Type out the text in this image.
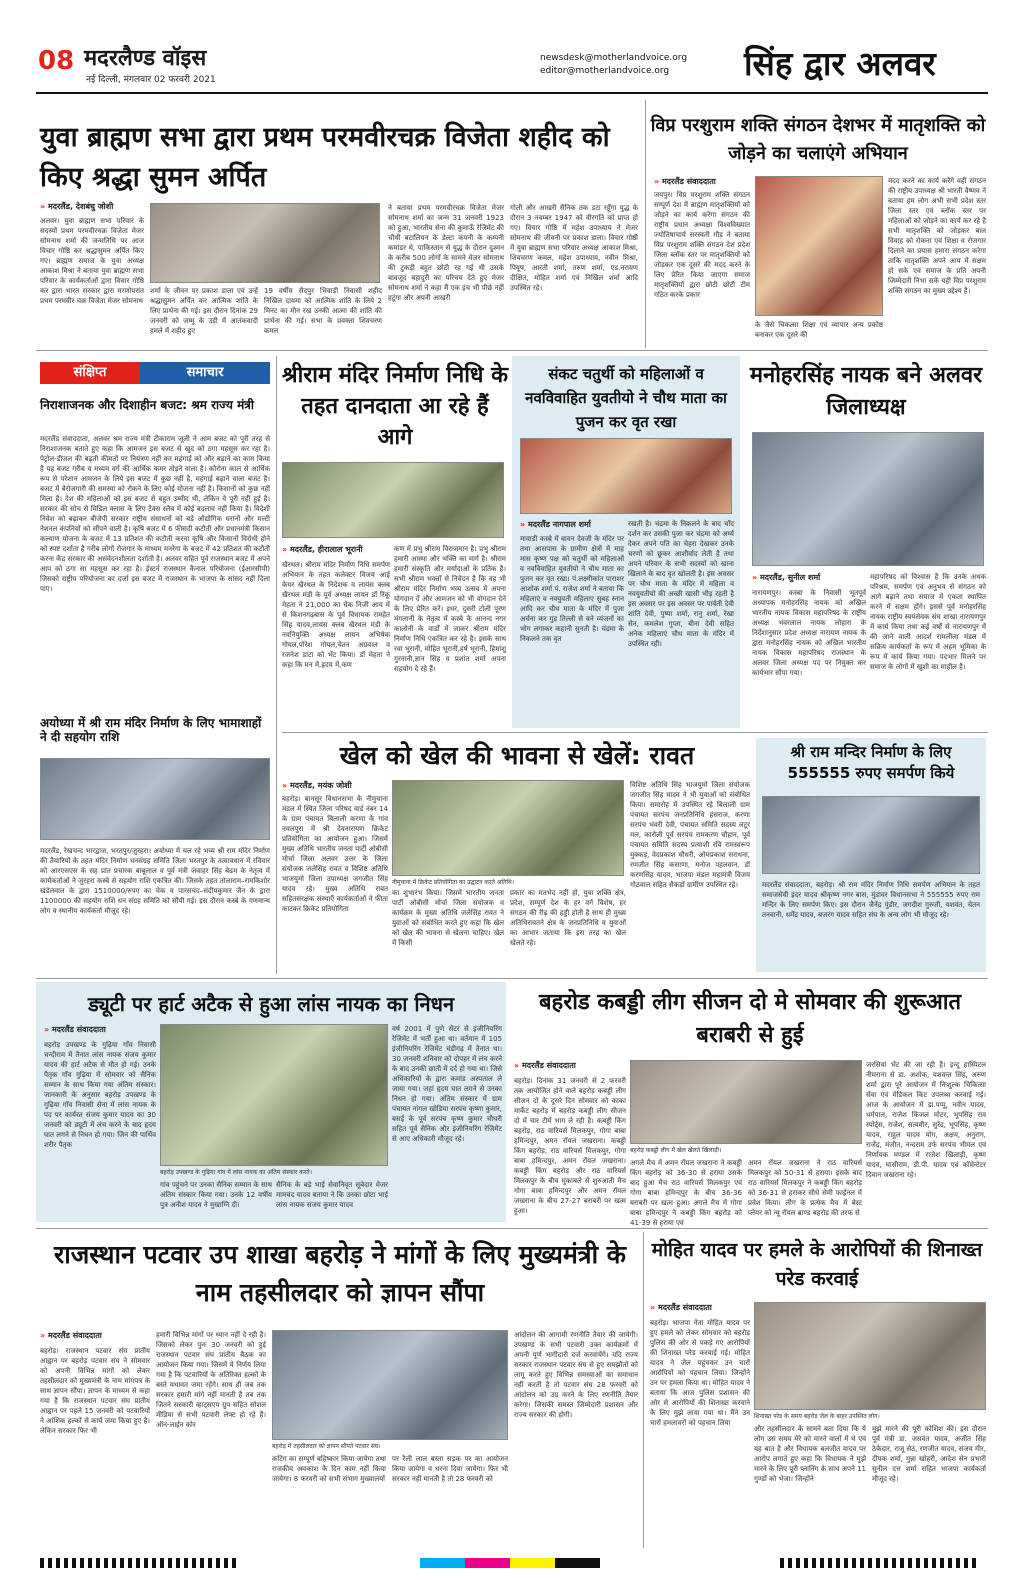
08 मदरलैण्ड वॉइस
नई दिल्ली, मंगलवार 02 फरवरी 2021
newsdesk@motherlandvoice.org
editor@motherlandvoice.org	सिंह द्वार अलवर
युवा ब्राह्मण सभा द्वारा प्रथम परमवीरचक्र विजेता शहीद को किए श्रद्धा सुमन अर्पित
» मदरलैंड, देशबंधु जोशी
अलवर। युवा ब्राह्मण सभा परिवार के सदस्यों प्रथम परमवीरचक्र विजेता मेजर सोमनाथ शर्मा की जन्मतिथि पर आज विचार गोष्ठि कर श्रद्धासुमन अर्पित किए गए। ब्राह्मण समाज के युवा अध्यक्ष आकाश मिश्रा ने बताया युवा ब्राह्मण सभा परिवार के कार्यकर्ताओं द्वारा विचार गोष्ठि कर द्वारा भारत सरकार द्वारा मरणोपरांत प्रथम परमवीर चक्र विजेता मेजर सोमनाथ
शर्मा के जीवन पर प्रकाश डाला एवं उन्हें श्रद्धासुमन अर्पित कर आत्मिक शांति के लिए प्रार्थना की गई। इस दौरान दिनांक 29 जनवरी को जम्मू के उड़ी में आतंकवादी हमले में शहीद हुए
19 वर्षीय सैदपुर भिवाड़ी निवासी शहीद निखिल दायमा को आत्मिक शांति के लिये 2 मिनट का मौन रख उनकी आत्मा की शांति की प्रार्थना की गई। सभा के प्रवक्ता शिवचरण कमल
ने बताया प्रथम परमवीरचक्र विजेता मेजर सोमनाथ शर्मा का जन्म 31 जनवरी 1923 को हुआ, भारतीय सेना की कुमाऊँ रेजिमेंट की चौथी बटालियन के डेल्टा कंपनी के कम्पनी कमांडर थे, पाकिस्तान से युद्ध के दौरान दुश्मन के करीब 500 लोगों के सामने मेजर सोमनाथ की टुकड़ी बहुत छोटी रह गई थी उसके बावजूद बहादुरी का परिचय देते हुए मेजर सोमनाथ शर्मा ने कहा मैं एक इंच भी पीछे नहीं हटूंगा और अपनी आखरी
गोली और आखरी सैनिक तक डटा रहूँगा युद्ध के दौरान 3 नवम्बर 1947 को वीरगति को प्राप्त हो गए। विचार गोष्ठि में महेश उपाध्याय ने मेजर सोमनाथ की जीवनी पर प्रकाश डाला। विचार गोष्ठी में युवा ब्राह्मण सभा परिवार अध्यक्ष आकाश मिश्रा, शिवचरण कमल, महेश उपाध्याय, नवीन मिश्रा, पियूष, आरती शर्मा, तरुण शर्मा, एड.नरायण दीक्षित, मोहित शर्मा एवं निखिल शर्मा आदि उपस्थित रहे।
विप्र परशुराम शक्ति संगठन देशभर में मातृशक्ति को जोड़ने का चलाएंगे अभियान
» मदरलैंड संवाददाता
जयपुर। विप्र परशुराम शक्ति संगठन सम्पूर्ण देश में ब्राह्मण मातृशक्तियों को जोड़ने का कार्य करेगा संगठन की राष्ट्रीय प्रधान अध्यक्षा विश्वविख्यात ज्योतिषाचार्य सरस्वती गौड़ ने बताया विप्र परशुराम शक्ति संगठन देश प्रदेश जिला ब्लॉक स्तर पर मातृशक्तियों को जोड़कर एक दूसरे की मदद करने के लिए प्रेरित किया जाएगा समाज मातृशक्तियों द्वारा छोटी छोटी टीम गठित करके प्रकार
के जैसे चिकत्सा शिक्षा एवं व्यापार अन्य प्रकोष्ठ बनाकर एक दूसरे की
मदद करने का कार्य करेंगे वहीं संगठन की राष्ट्रीय उपाध्यक्ष श्री भारती वैष्णव ने बताया हम लोग अभी सभी प्रदेश स्तर जिला स्तर एवं ब्लॉक स्तर पर महिलाओं को जोड़ने का कार्य कर रहे है सभी मातृशक्ति को जोड़कर बाल विवाह को रोकना एवं शिक्षा व रोजगार दिलाने का प्रयास हमारा संगठन करेगा ताकि मातृशक्ति अपने आप में सक्षम हो सके एवं समाज के प्रति अपनी जिम्मेदारी निभा सकें यही विप्र परशुराम शक्ति संगठन का मुख्य उद्देश्य है।
संक्षिप्त	समाचार
निराशाजनक और दिशाहीन बजट: श्रम राज्य मंत्री
मदरलैंड संवाददाता, अलवर श्रम राज्य मंत्री टीकाराम जूली ने आम बजट को पूरी तरह से निराशाजनक बताते हुए कहा कि आमजन इस बजट से खुद को ठगा महसूस कर रहा है। पेट्रोल-डीजल की बढ़ती कीमतों पर नियंत्रण नहीं कर महंगाई को और बढ़ाने का काम किया है यह बजट गरीब व मध्यम वर्ग की आर्थिक कमर तोड़ने वाला है। कोरोना काल से आर्थिक रूप से परेशान आमजन के लिये इस बजट में कुछ नहीं है, महंगाई बढ़ाने वाला बजट है। बजट में बेरोजगारी की समस्या को रोकने के लिए कोई योजना नहीं है। किसानों को कुछ नहीं मिला है। देश की महिलाओं को इस बजट से बहुत उम्मीद थी, लेकिन वे पूरी नहीं हुई है। सरकार की सोच से मिडिल क्लास के लिए टैक्स स्लैब में कोई बदलाव नहीं किया है। विदेशी निवेश को बढ़ाकर बीजेपी सरकार राष्ट्रीय संसाधनों को बड़े औद्योगिक घरानों और मल्टी नेशनल कंपनियों को सौंपने वाली है। कृषि बजट में 6 फीसदी कटौती और प्रधानमंत्री किसान कल्याण योजना के बजट में 13 प्रतिशत की कटौती करना कृषि और किसानों विरोधी होने को स्पष्ट दर्शाता है गरीब लोगों रोजगार के माध्यम मनरेगा के बजट में 42 प्रतिशत की कटौती करना केंद्र सरकार की असंवेदनशीलता दर्शाती है। अलवर सहित पूर्व राजस्थान बजट में अपने आप को ठगा सा महसूस कर रहा है। ईस्टर्न राजस्थान कैनाल परियोजना (ईआरसीपी) जिसको राष्ट्रीय परियोजना का दर्जा इस बजट में राजस्थान के भाजपा के सांसद नहीं दिला पाए।
अयोध्या में श्री राम मंदिर निर्माण के लिए भामाशाहों ने दी सहयोग राशि
मदरलैंड, रेखचन्द भारद्वाज, भरतपुर/जुरहरा। अयोध्या में चल रहे भव्य श्री राम मंदिर निर्माण की तैयारियों के तहत मंदिर निर्माण धनसंग्रह समिति जिला भरतपुर के तत्वावधान में रविवार को आरएसएस के सह प्रांत प्रचारक बाबूलाल व पूर्व मंत्री जवाहर सिंह बेढम के नेतृत्व में कार्यकर्ताओं ने जुरहरा कस्बे से सहयोग राशि एकत्रित की। जिसके तहत तोलाराम–रामकिशोर खंडेलवाल के द्वारा 1510000/रुपए का चेक व पारसचंद–संदीपकुमार जैन के द्वारा 1100000 की सहयोग राशि धन संग्रह समिति को सौंपी गई। इस दौरान कस्बे के गणमान्य लोग व स्थानीय कार्यकर्ता मौजूद रहे।
श्रीराम मंदिर निर्माण निधि के तहत दानदाता आ रहे हैं आगे
» मदरलैंड, हीरालाल भूरानी
खैरथल। श्रीराम मंदिर निर्माण निधि समर्पण अभियान के तहत कलेक्टर विजय आई केयर खैरथल के निदेशक व लायंस क्लब खैरथल मंडी के पूर्व अध्यक्ष लायन डॉ रिंकू मेहता ने 21,000 का चेक निजी आय में से किशनगढ़बास के पूर्व विधायक रामहेत सिंह यादव,लायंस क्लब खैरथल मंडी के नवनियुक्ति अध्यक्ष लायन अभिषेक गोयल,पोरेश गोयल,चेतन अग्रवाल व रजनेश डाटा को भेंट किया। डॉ मेहता ने कहा कि मन में,ह्रदय में,कण
कण में प्रभु श्रीराम विराजमान है। प्रभु श्रीराम हमारी आस्था और भक्ति का मार्ग है। श्रीराम हमारी संस्कृति और मर्यादाओं के प्रतिक है। सभी श्रीराम भक्तों से निवेदन है कि वह भी श्रीराम मंदिर निर्माण भव्य उत्सव में अपना योगदान दें और आमजन को भी योगदान देने के लिए प्रेरित करें। इधर, दुसरी टोली पूरण मंगलानी के नेतृत्व में कस्बे के आनन्द नगर कालोनी के वार्डों में जाकर श्रीराम मंदिर निर्माण निधि एकत्रित कर रहे है। इसके साथ रवा भूरानी, मोहित भूरानी,हर्ष भूरानी, हिमांशु गुरनानी,ज्ञान सिंह व प्रशांत शर्मा अपना सहयोग दे रहे हैं।
संकट चतुर्थी को महिलाओं व नवविवाहित युवतीयो ने चौथ माता का पुजन कर वृत रखा
» मदरलैंड नागपाल शर्मा
मावाडी कस्बे में बावन देवजी के मंदिर पर तथा आसपास के ग्रामीण क्षेत्रों में माह मास कृष्ण पक्ष को चतुर्थी को महिलाओं व नवविवाहित युवतीयो ने चौथ माता का पुजन कर वृत रखा। पं.लक्ष्मीकांत पाराशर आशोक शर्मा पं. राजेश शर्मा ने बताया कि महिलाएं व नवयुवती महिलाए सुबह स्नान आदि कर चौथ माता के मंदिर में पुजा अर्चना कर गुड़ तिल्ली से बने व्यंजनों का भोग लगाकर कहानी सुनती है। चंद्रमा के निकलने तक वृत
रखती है। चंद्रमा के निकलने के बाद चाँद दर्शन कर उसकी पुजा कर चंद्रमा को अर्घ्य देकर अपने पति का चेहरा देखकर उनके चरणों को छूकर आशीर्वाद लेती है तथा अपने परिवार के सभी सदस्यों को खाना खिलाने के बाद वृत खोलती है। इस अवसर पर चौथ माता के मंदिर में महिला व नवयुवतीयो की अच्छी खासी भीड़ रहती है इस अवसर पर इस अवसर पर पार्वती देवी शांति देवी, पुष्पा शर्मा, रानु शर्मा, रेखा सेन, कमलेश गुप्ता, बीना देवी सहित अनेक महिलाएं चौथ माता के मंदिर में उपस्थित रही।
मनोहरसिंह नायक बने अलवर जिलाध्यक्ष
» मदरलैंड, सुनील शर्मा
नारायणपुर। कस्बा के निवासी भूतपूर्व अध्यापक मनोहरसिंह नायक को अखिल भारतीय नायक विकास महापरिषद के राष्ट्रीय अध्यक्ष भंवरलाल नायक लोहारा के निर्देशानुसार प्रदेश अध्यक्ष नारायण नायक के द्वारा मनोहरसिंह नायक को अखिल भारतीय नायक विकास महापरिषद राजस्थान के अलवर जिला अध्यक्ष पद पर नियुक्त कर कार्यभार सौंपा गया।
महापरिषद को विश्वास है कि उनके अथक परिश्रम, समर्पण एवं अनुभव से संगठन को आगे बढ़ाने तथा समाज में एकता स्थापित करने में सक्षम होंगे। इससे पूर्व मनोहरसिंह नायक राष्ट्रीय स्वयंसेवक संघ शाखा नारायणपुर में कार्य किया तथा कई वर्षों से नारायणपुर में की जाने वाली आदर्श रामलीला मंडल में सक्रिय कार्यकर्ता के रूप में अहम भूमिका के रूप में कार्य किया गया। पदभार मिलने पर समाज के लोगों में खुशी का माहौल है।
खेल को खेल की भावना से खेलें: रावत
» मदरलैंड, मयंक जोशी
बहरोड़। बानसूर विधानसभा के नीमुचाना मंडल में स्थित जिला परिषद वार्ड नंबर 14 के ग्राम पंचायत बिलाली करणा के गांव नवलपुरा में श्री देवनारायण क्रिकेट प्रतियोगिता का आयोजन हुआ। जिसमें मुख्य अतिथि भारतीय जनता पार्टी ओबीसी मोर्चा जिला अलवर उत्तर के जिला संयोजक जलेसिंह रावत व विशिष्ट अतिथि भाजयुमो जिला उपाध्यक्ष जगजीत सिंह यादव रहे। मुख्य अतिथि रावत सहितसंरक्षक संस्थाएँ कार्यकर्ताओं ने फीता काटकर क्रिकेट प्रतियोगिता
नीमुचाना में क्रिकेट प्रतियोगिता का उद्घाटन करते अतिथि।
का शुभारंभ किया। जिसमें भारतीय जनता पार्टी ओबीसी मोर्चा जिला संयोजक व कार्यक्रम के मुख्य अतिथि जलेसिंह रावत ने युवाओं को संबोधित करते हुए कहा कि खेल को खेल की भावना से खेलना चाहिए। खेल में किसी
प्रकार का मतभेद नहीं हो, युवा शक्ति क्षेत्र, प्रदेश, सम्पूर्ण देश के हर वर्ग विशेष, हर संगठन की रीढ़ की हड्डी होती है साथ ही मुख्य अतिथिरावतने क्षेत्र के जनप्रतिनिधि व युवाओं का आभार जताया कि इस तरह का खेल खेलते रहे।
विशिष्ट अतिथि सिंह भाजयुमो जिला संयोजक जगजीत सिंह यादव ने भी युवाओं को संबोधित किया। समारोह में उपस्थित रहे बिलाली ग्राम पंचायत सरपंच जनप्रतिनिधि हंसराज, करणा सरपंच भंवरी देवी, पंचायत समिति सदस्य लटूर मल, कारोली पूर्व सरपंच रामकरण चौहान, पूर्व पंचायत समिति सदस्य प्रत्याशी रवि रामस्वरूप मुक्कड़, वेदप्रकाश चौधरी, ओमप्रकाश सराधना, रणजीत सिंह कसाणा, मनोज पहलवान, डॉ करणसिंह यादव, भाजपा मंडल महामंत्री विजय गोठवाल सहित सैकड़ों ग्रामीण उपस्थित रहे।
श्री राम मन्दिर निर्माण के लिए 555555 रुपए समर्पण किये
मदरलैंड संवाददाता, बहरोड़। श्री राम मंदिर निर्माण निधि समर्पण अभियान के तहत समाजसेवी इंदर यादव श्रीकृष्ण नगर बास, मुंडावर विधानसभा ने 555555 रुपए राम मन्दिर के लिए समर्पण किए। इस दौरान जैनेंद्र पुंडीर, जगदीश गुरुजी, यशवंत, चेतन तनवानी, धर्मेंद्र यादव, बजरंग यादव सहित संघ के अन्य लोग भी मौजूद रहे।
ड्यूटी पर हार्ट अटैक से हुआ लांस नायक का निधन
» मदरलैंड संवाददाता
बहरोड़ उपखण्ड के गुढ़िया गाँव निवासी चन्दीराम में तैनात लांस नायक संजय कुमार यादव की हार्ट अटैक से मौत हो गई। उनके पैतृक गाँव गुढ़िया में सोमवार को सैनिक सम्मान के साथ किया गया अंतिम संस्कार। जानकारी के अनुसार बहरोड़ उपखण्ड के गुढ़िया गाँव निवासी सेना में लांस नायक के पद पर कार्यरत संजय कुमार यादव का 30 जनवरी को ड्यूटी में लंच करने के बाद हृदय घात लगने से निधन हो गया। जिन की पार्थिव शरीर पैतृक
बहरोड़ उपखण्ड के गुढ़िया गांव में लांस नायक का अंतिम संस्कार करते।
गांव पहुंचने पर उनका सैनिक सम्मान के साथ अंतिम संस्कार किया गया। उनके 12 वर्षीय पुत्र अनीश यादव ने मुखाग्नि दी।
सैनिक के बड़े भाई सेवानिवृत सूबेदार मेजर मामचंद यादव बताया ने कि उनका छोटा भाई लांस नायक संजय कुमार यादव
वर्ष 2001 में पुणे सेंटर से इंजीनियरिंग रेजिमेंट में भर्ती हुआ था। वर्तमान में 105 इंजीनियरिंग रेजिमेंट चंडीगढ़ में तैनात था। 30 जनवरी शनिवार को दोपहर में लंच करने के बाद उनकी छाती में दर्द हो गया था। जिसे अधिकारियों के द्वारा कमांड अस्पताल ले जाया गया। जहां हृदय घात लगने से उनका निधन हो गया। अंतिम संस्कार में ग्राम पंचायत नांगल खोडिया सरपंच कृष्णा कुमार, बसई के पूर्व सरपंच कृष्ण कुमार चौधरी सहित पूर्व सैनिक और इंजीनियरिंग रेजिमेंट से आए अधिकारी मौजूद रहे।
बहरोड कबड्डी लीग सीजन दो मे सोमवार की शुरूआत बराबरी से हुई
» मदरलैंड संवाददाता
बहरोड़। दिनांक 31 जनवरी से 2 फरवरी तक आयोजित होने वाले बहरोड़ कबड्डी लीग सीजन दो के दूसरे दिन सोमवार को काका मार्केट बहरोड़ में बहरोड़ कबड्डी लीग सीजन दो में चार टीमें भाग ले रही है। कबड्डी किंग बहरोड़, राठ वारियर्स मिलकपुर, गोगा बाबा हमिन्दपुर, अमन रॉयल जखराना। कबड्डी किंग बहरोड़, राठ वारियर्स मिलकपुर, गोगा बाबा हमिन्दपुर, अमन रॉयल जखराना। कबड्डी किंग बहरोड़ और राठ वारियर्स मिलकपुर के बीच मुकाबले से शुरुआती मैच गोगा बाबा हमिन्दपुर और अमन रॉयल जखराना के बीच 27-27 बराबरी पर खत्म हुआ।
बहरोड़ कबड्डी लीग में खेल खेलते खिलाड़ी।
अगले मैच में अमन रॉयल जखराना ने कबड्डी किंग बहरोड़ को 36-30 से हराया उसके बाद हुआ मैच राठ वारियर्स मिलकपुर एवं गोगा बाबा हमिन्दपुर के बीच 36-36 बराबरी पर खत्म हुआ। अगले मैच में गोगा बाबा हमिन्दपुर ने कबड्डी किंग बहरोड़ को 41-39 से हराया एवं
अमन रॉयल जखराना ने राठ वारियर्स मिलकपुर को 50-31 से हराया। इसके बाद राठ वारियर्स मिलकपुर ने कबड्डी किंग बहरोड़ को 36-31 से हराकर सीधे सेमी फाईनल में प्रवेश किया। लीग के प्रत्येक मैच में बेस्ट प्लेयर को न्यू रॉयल ब्राण्ड बहरोड़ की तरफ से
जरसियां भेंट की जा रही है। इन्दू हास्पिटल नीमराना से डा. अशोक, यशवन्त सिंह, अरुण शर्मा द्वारा पूरे आयोजन में निःशुल्क चिकित्सा सेवा एवं मेडिकल किट उपलब्ध करवाई गई। आज के आयोजन में डा.पप्पू, नवीन यादव, धर्मपाल, राजेश किंजल मोटर, भूपसिंह राव स्पोर्ट्स, राजेश, सत्यवीर, सुरेंद्र, भूपसिंह, कृष्ण यादव, राहुल यादव योग, अक्षय, अनुराग, राजेंद्र, मंजीत, नन्दराम उर्फ सरपंच भीमल एवं निर्णायक मण्डल में राजेश खिलाड़ी, कृष्ण यादव, घासीराम, डी.पी. यादव एवं कॉमेन्टेटर दिवान जखराना रहे।
राजस्थान पटवार उप शाखा बहरोड़ ने मांगों के लिए मुख्यमंत्री के नाम तहसीलदार को ज्ञापन सौंपा
» मदरलैंड संवाददाता
बहरोड़। राजस्थान पटवार संघ प्रांतीय आह्वान पर बहरोड़ पटवार संघ ने सोमवार को अपनी विभिन्न मांगों को लेकर तहसीलदार को मुख्यमंत्री के नाम मांगपत्र के साथ ज्ञापन सौंपा। ज्ञापन के माध्यम से कहा गया है कि राजस्थान पटवार संघ प्रांतीय आह्वान पर पहले 15 जनवरी को पटवारियों ने आंशिक हल्कों से कार्य जमा किया हुए है। लेकिन सरकार फिर भी
हमारी विभिन्न मांगों पर ध्यान नहीं दे रही है। जिसको लेकर पुनः 30 जनवरी को हुई राजस्थान पटवार संघ प्रांतीय बैठक का आयोजन किया गया। जिसमें ये निर्णय लिया गया है कि पटवारियों के अतिरिक्त हल्कों के बस्ते यथावत जमा रहेंगे। साथ ही जब तक सरकार हमारी मांगे नहीं मानती है तब तक जितने सरकारी व्हाट्सएप ग्रुप सहित सोशल मीडिया से सभी पटवारी लेफ्ट हो रहे हैं। ऑन-लाईन कोर
बहरोड़ में तहसीलदार को ज्ञापन सौंपते पटवार संघ।
कटिंग का सम्पूर्ण बहिष्कार किया जायेगा तथा राजकीय अवकाश के दिन काम नहीं किया जायेगा। 8 फरवरी को सभी संभाग मुख्यालयों
पर रैली लाल बस्ता सड़क पर का आयोजन किया जायेगा व धरना दिया जायेगा। फिर भी सरकार नहीं मानती है तो 28 फरवरी को
आंदोलन की आगामी रणनीति तैयार की जायेगी। उपखण्ड के सभी पटवारी उक्त कार्यक्रमों में अपनी पूर्ण भागीदारी दर्ज करवायेंगे। यदि राज्य सरकार राजस्थान पटवार संघ से हुए समझौतों को लागू करते हुए विभिन्न समस्याओं का समाधान नहीं करती है तो पटवार संघ 28 फरवरी को आंदोलन को उग्र करने के लिए रणनीति तैयार करेगा। जिसकी समस्त जिम्मेदारी प्रशासन और राज्य सरकार की होगी।
मोहित यादव पर हमले के आरोपियों की शिनाख्त परेड करवाई
» मदरलैंड संवाददाता
बहरोड़। भाजपा नेता मोहित यादव पर हुए हमले को लेकर सोमवार को बहरोड़ पुलिस की ओर से पकड़े गए आरोपियों की शिनाख्त परेड करवाई गई। मोहित यादव ने जेल पहुंचकर उन चारों आरोपियों को पहचान लिया। जिन्होंने उन पर हमला किया था। मोहित यादव ने बताया कि आज पुलिस प्रशासन की ओर से आरोपियों की शिनाख्त करवाने के लिए मुझे लाया गया था। मैंने उन चारों हमलावरों को पहचान लिया
शिनाख्त परेड के समय बहरोड़ जेल के बाहर उपस्थित लोग।
और तहसीलदार के सामने बता दिया कि ये लोग उस समय मेरे को मारने वालों में थे एवं यह बात है और विधायक बलजीत यादव पर आरोप लगाते हुए कहा कि विधायक ने मुझे मारने के लिए पूरी प्लानिंग के साथ अपने 11 गुण्डों को भेजा। जिन्होंने
मुझे मारने की पूरी कोशिश की। इस दौरान पूर्व मंत्री डा. जसवंत यादव, अजीत सिंह ठेकेदार, राजू सेठ, रणजीत यादव, संजय मीर, दीपक शर्मा, मुन्ना खोहरी, आदेश सेन प्रभारी सुनील दत्त शर्मा सहित भाजपा कार्यकर्ता मौजूद रहे।
